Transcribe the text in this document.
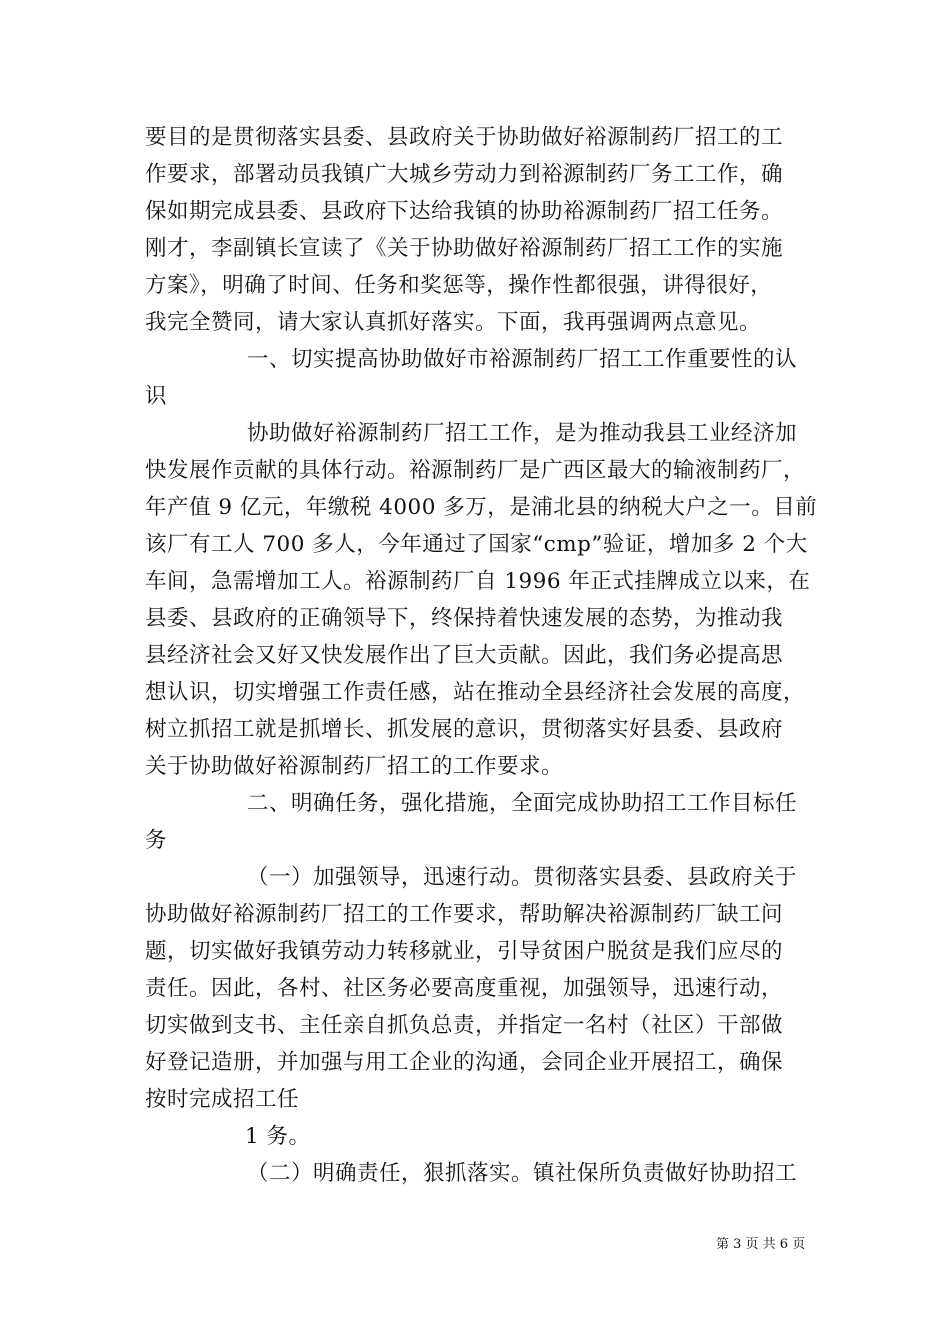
要目的是贯彻落实县委、县政府关于协助做好裕源制药厂招工的工

作要求，部署动员我镇广大城乡劳动力到裕源制药厂务工工作，确

保如期完成县委、县政府下达给我镇的协助裕源制药厂招工任务。

刚才，李副镇长宣读了《关于协助做好裕源制药厂招工工作的实施

方案》，明确了时间、任务和奖惩等，操作性都很强，讲得很好，

我完全赞同，请大家认真抓好落实。下面，我再强调两点意见。

一、切实提高协助做好市裕源制药厂招工工作重要性的认

识

协助做好裕源制药厂招工工作，是为推动我县工业经济加

快发展作贡献的具体行动。裕源制药厂是广西区最大的输液制药厂，

年产值 9 亿元，年缴税 4000 多万，是浦北县的纳税大户之一。目前

该厂有工人 700 多人，今年通过了国家“cmp”验证，增加多 2 个大

车间，急需增加工人。裕源制药厂自 1996 年正式挂牌成立以来，在

县委、县政府的正确领导下，终保持着快速发展的态势，为推动我

县经济社会又好又快发展作出了巨大贡献。因此，我们务必提高思

想认识，切实增强工作责任感，站在推动全县经济社会发展的高度，

树立抓招工就是抓增长、抓发展的意识，贯彻落实好县委、县政府

关于协助做好裕源制药厂招工的工作要求。

二、明确任务，强化措施，全面完成协助招工工作目标任

务

（一）加强领导，迅速行动。贯彻落实县委、县政府关于

协助做好裕源制药厂招工的工作要求，帮助解决裕源制药厂缺工问

题，切实做好我镇劳动力转移就业，引导贫困户脱贫是我们应尽的

责任。因此，各村、社区务必要高度重视，加强领导，迅速行动，

切实做到支书、主任亲自抓负总责，并指定一名村（社区）干部做

好登记造册，并加强与用工企业的沟通，会同企业开展招工，确保

按时完成招工任

1 务。

（二）明确责任，狠抓落实。镇社保所负责做好协助招工

第 3 页 共 6 页
